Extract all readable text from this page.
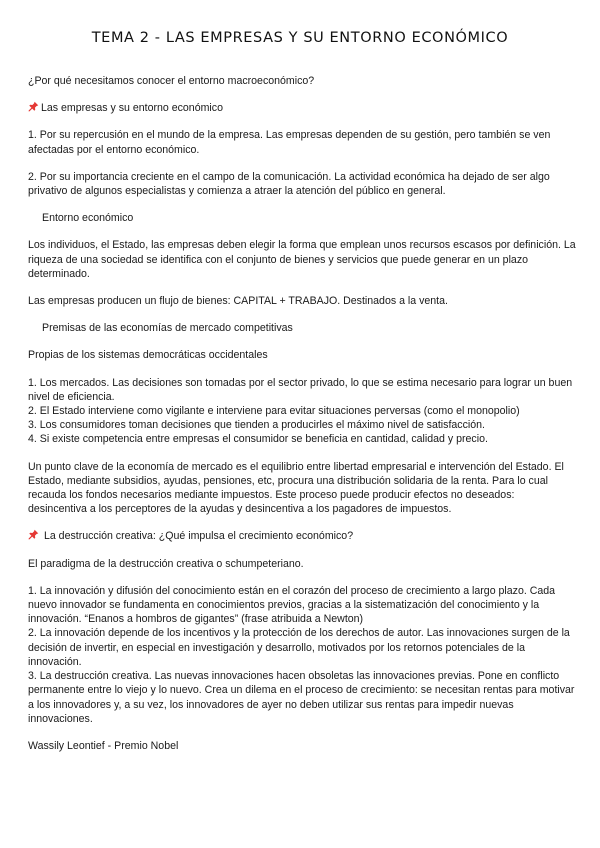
TEMA 2 - LAS EMPRESAS Y SU ENTORNO ECONÓMICO

¿Por qué necesitamos conocer el entorno macroeconómico?

Las empresas y su entorno económico

1. Por su repercusión en el mundo de la empresa. Las empresas dependen de su gestión, pero también se ven afectadas por el entorno económico.

2. Por su importancia creciente en el campo de la comunicación. La actividad económica ha dejado de ser algo privativo de algunos especialistas y comienza a atraer la atención del público en general.

Entorno económico

Los individuos, el Estado, las empresas deben elegir la forma que emplean unos recursos escasos por definición. La riqueza de una sociedad se identifica con el conjunto de bienes y servicios que puede generar en un plazo determinado.

Las empresas producen un flujo de bienes: CAPITAL + TRABAJO. Destinados a la venta.

Premisas de las economías de mercado competitivas

Propias de los sistemas democráticas occidentales

1. Los mercados. Las decisiones son tomadas por el sector privado, lo que se estima necesario para lograr un buen nivel de eficiencia.

2. El Estado interviene como vigilante e interviene para evitar situaciones perversas (como el monopolio)

3. Los consumidores toman decisiones que tienden a producirles el máximo nivel de satisfacción.

4. Si existe competencia entre empresas el consumidor se beneficia en cantidad, calidad y precio.

Un punto clave de la economía de mercado es el equilibrio entre libertad empresarial e intervención del Estado. El Estado, mediante subsidios, ayudas, pensiones, etc, procura una distribución solidaria de la renta. Para lo cual recauda los fondos necesarios mediante impuestos. Este proceso puede producir efectos no deseados: desincentiva a los perceptores de la ayudas y desincentiva a los pagadores de impuestos.

La destrucción creativa: ¿Qué impulsa el crecimiento económico?

El paradigma de la destrucción creativa o schumpeteriano.

1. La innovación y difusión del conocimiento están en el corazón del proceso de crecimiento a largo plazo. Cada nuevo innovador se fundamenta en conocimientos previos, gracias a la sistematización del conocimiento y la innovación. “Enanos a hombros de gigantes” (frase atribuida a Newton)

2. La innovación depende de los incentivos y la protección de los derechos de autor. Las innovaciones surgen de la decisión de invertir, en especial en investigación y desarrollo, motivados por los retornos potenciales de la innovación.

3. La destrucción creativa. Las nuevas innovaciones hacen obsoletas las innovaciones previas. Pone en conflicto permanente entre lo viejo y lo nuevo. Crea un dilema en el proceso de crecimiento: se necesitan rentas para motivar a los innovadores y, a su vez, los innovadores de ayer no deben utilizar sus rentas para impedir nuevas innovaciones.

Wassily Leontief - Premio Nobel
